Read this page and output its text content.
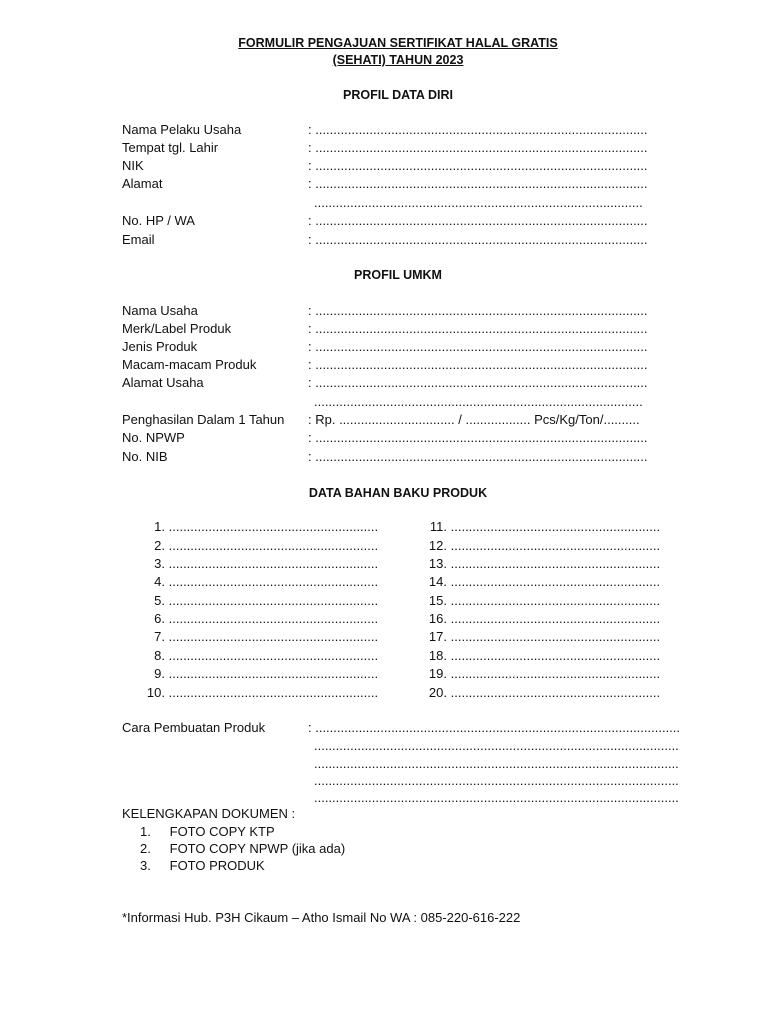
FORMULIR PENGAJUAN SERTIFIKAT HALAL GRATIS
(SEHATI) TAHUN 2023
PROFIL DATA DIRI
Nama Pelaku Usaha	: ............................................................................................
Tempat tgl. Lahir	: ............................................................................................
NIK	: ............................................................................................
Alamat	: ............................................................................................
...........................................................................................
No. HP / WA	: ............................................................................................
Email	: ............................................................................................
PROFIL UMKM
Nama Usaha	: ............................................................................................
Merk/Label Produk	: ............................................................................................
Jenis Produk	: ............................................................................................
Macam-macam Produk	: ............................................................................................
Alamat Usaha	: ............................................................................................
...........................................................................................
Penghasilan Dalam 1 Tahun : Rp. ................................ / .................. Pcs/Kg/Ton/..........
No. NPWP	: ............................................................................................
No. NIB	: ............................................................................................
DATA BAHAN BAKU PRODUK
1. ..........................................................
2. ..........................................................
3. ..........................................................
4. ..........................................................
5. ..........................................................
6. ..........................................................
7. ..........................................................
8. ..........................................................
9. ..........................................................
10. ..........................................................
11. ..........................................................
12. ..........................................................
13. ..........................................................
14. ..........................................................
15. ..........................................................
16. ..........................................................
17. ..........................................................
18. ..........................................................
19. ..........................................................
20. ..........................................................
Cara Pembuatan Produk	: .....................................................................................................
.....................................................................................................
.....................................................................................................
.....................................................................................................
.....................................................................................................
KELENGKAPAN DOKUMEN :
1. FOTO COPY KTP
2. FOTO COPY NPWP (jika ada)
3. FOTO PRODUK
*Informasi Hub. P3H Cikaum – Atho Ismail No WA : 085-220-616-222
